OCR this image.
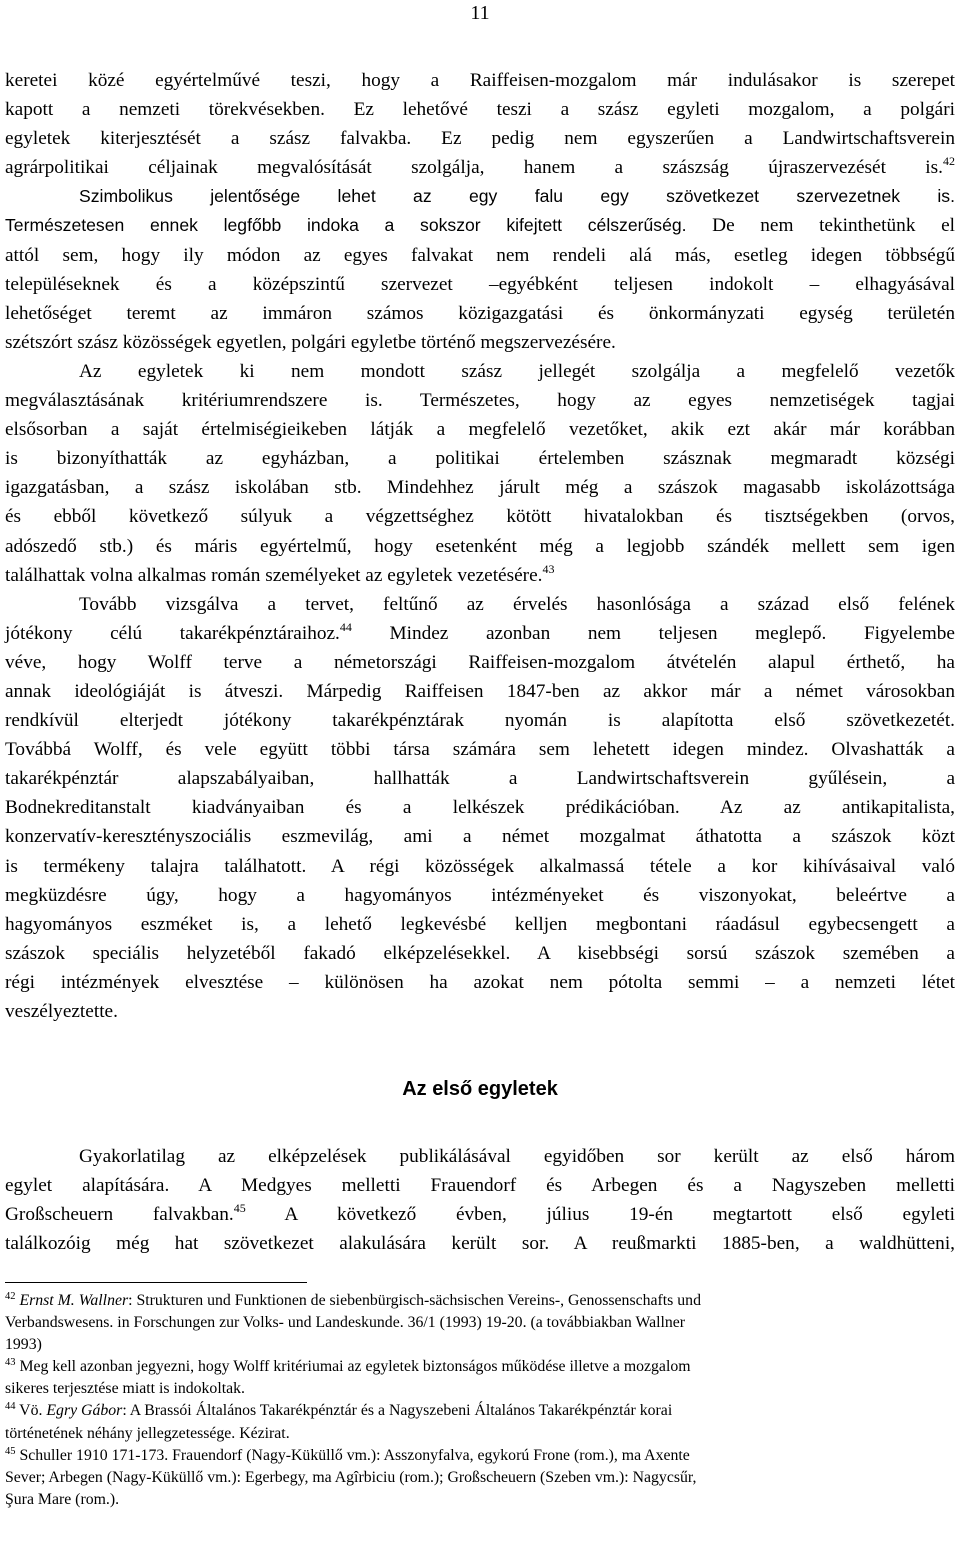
11
keretei közé egyértelművé teszi, hogy a Raiffeisen-mozgalom már indulásakor is szerepet
kapott a nemzeti törekvésekben. Ez lehetővé teszi a szász egyleti mozgalom, a polgári
egyletek kiterjesztését a szász falvakba. Ez pedig nem egyszerűen a Landwirtschaftsverein
agrárpolitikai céljainak megvalósítását szolgálja, hanem a szászság újraszervezését is.$^{42}$
Szimbolikus jelentősége lehet az egy falu egy szövetkezet szervezetnek is.
Természetesen ennek legfőbb indoka a sokszor kifejtett célszerűség. De nem tekinthetünk el
attól sem, hogy ily módon az egyes falvakat nem rendeli alá más, esetleg idegen többségű
településeknek és a középszintű szervezet –egyébként teljesen indokolt – elhagyásával
lehetőséget teremt az immáron számos közigazgatási és önkormányzati egység területén
szétszórt szász közösségek egyetlen, polgári egyletbe történő megszervezésére.
Az egyletek ki nem mondott szász jellegét szolgálja a megfelelő vezetők
megválasztásának kritériumrendszere is. Természetes, hogy az egyes nemzetiségek tagjai
elsősorban a saját értelmiségieikeben látják a megfelelő vezetőket, akik ezt akár már korábban
is bizonyíthatták az egyházban, a politikai értelemben szásznak megmaradt községi
igazgatásban, a szász iskolában stb. Mindehhez járult még a szászok magasabb iskolázottsága
és ebből következő súlyuk a végzettséghez kötött hivatalokban és tisztségekben (orvos,
adószedő stb.) és máris egyértelmű, hogy esetenként még a legjobb szándék mellett sem igen
találhattak volna alkalmas román személyeket az egyletek vezetésére.$^{43}$
Tovább vizsgálva a tervet, feltűnő az érvelés hasonlósága a század első felének
jótékony célú takarékpénztáraihoz.$^{44}$ Mindez azonban nem teljesen meglepő. Figyelembe
véve, hogy Wolff terve a németországi Raiffeisen-mozgalom átvételén alapul érthető, ha
annak ideológiáját is átveszi. Márpedig Raiffeisen 1847-ben az akkor már a német városokban
rendkívül elterjedt jótékony takarékpénztárak nyomán is alapította első szövetkezetét.
Továbbá Wolff, és vele együtt többi társa számára sem lehetett idegen mindez. Olvashatták a
takarékpénztár alapszabályaiban, hallhatták a Landwirtschaftsverein gyűlésein, a
Bodnekreditanstalt kiadványaiban és a lelkészek prédikációban. Az az antikapitalista,
konzervatív-keresztényszociális eszmevilág, ami a német mozgalmat áthatotta a szászok közt
is termékeny talajra találhatott. A régi közösségek alkalmassá tétele a kor kihívásaival való
megküzdésre úgy, hogy a hagyományos intézményeket és viszonyokat, beleértve a
hagyományos eszméket is, a lehető legkevésbé kelljen megbontani ráadásul egybecsengett a
szászok speciális helyzetéből fakadó elképzelésekkel. A kisebbségi sorsú szászok szemében a
régi intézmények elvesztése – különösen ha azokat nem pótolta semmi – a nemzeti létet
veszélyeztette.
Az első egyletek
Gyakorlatilag az elképzelések publikálásával egyidőben sor került az első három
egylet alapítására. A Medgyes melletti Frauendorf és Arbegen és a Nagyszeben melletti
Großscheuern falvakban.$^{45}$ A következő évben, július 19-én megtartott első egyleti
találkozóig még hat szövetkezet alakulására került sor. A reußmarkti 1885-ben, a waldhütteni,
$^{42}$ Ernst M. Wallner: Strukturen und Funktionen de siebenbürgisch-sächsischen Vereins-, Genossenschafts und
Verbandswesens. in Forschungen zur Volks- und Landeskunde. 36/1 (1993) 19-20. (a továbbiakban Wallner
1993)
$^{43}$ Meg kell azonban jegyezni, hogy Wolff kritériumai az egyletek biztonságos működése illetve a mozgalom
sikeres terjesztése miatt is indokoltak.
$^{44}$ Vö. Egry Gábor: A Brassói Általános Takarékpénztár és a Nagyszebeni Általános Takarékpénztár korai
történetének néhány jellegzetessége. Kézirat.
$^{45}$ Schuller 1910 171-173. Frauendorf (Nagy-Küküllő vm.): Asszonyfalva, egykorú Frone (rom.), ma Axente
Sever; Arbegen (Nagy-Küküllő vm.): Egerbegy, ma Agîrbiciu (rom.); Großscheuern (Szeben vm.): Nagycsűr,
Şura Mare (rom.).
